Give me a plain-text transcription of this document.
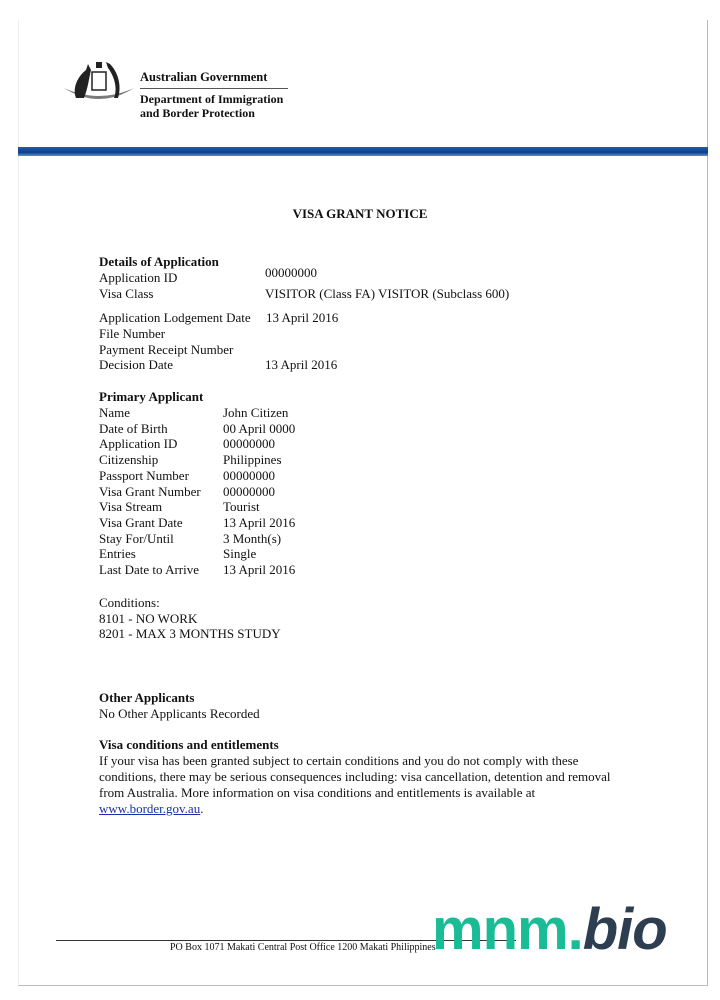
Australian Government
Department of Immigration
and Border Protection
VISA GRANT NOTICE
Details of Application
Application ID	00000000
Visa Class	VISITOR (Class FA) VISITOR (Subclass 600)
Application Lodgement Date 13 April 2016
File Number
Payment Receipt Number
Decision Date	13 April 2016
Primary Applicant
Name	John Citizen
Date of Birth	00 April 0000
Application ID	00000000
Citizenship	Philippines
Passport Number	00000000
Visa Grant Number 00000000
Visa Stream	Tourist
Visa Grant Date	13 April 2016
Stay For/Until	3 Month(s)
Entries	Single
Last Date to Arrive 13 April 2016
Conditions:
8101 - NO WORK
8201 - MAX 3 MONTHS STUDY
Other Applicants
No Other Applicants Recorded
Visa conditions and entitlements
If your visa has been granted subject to certain conditions and you do not comply with these conditions, there may be serious consequences including: visa cancellation, detention and removal from Australia. More information on visa conditions and entitlements is available at www.border.gov.au.
PO Box 1071 Makati Central Post Office 1200 Makati Philippines
mnm.bio
